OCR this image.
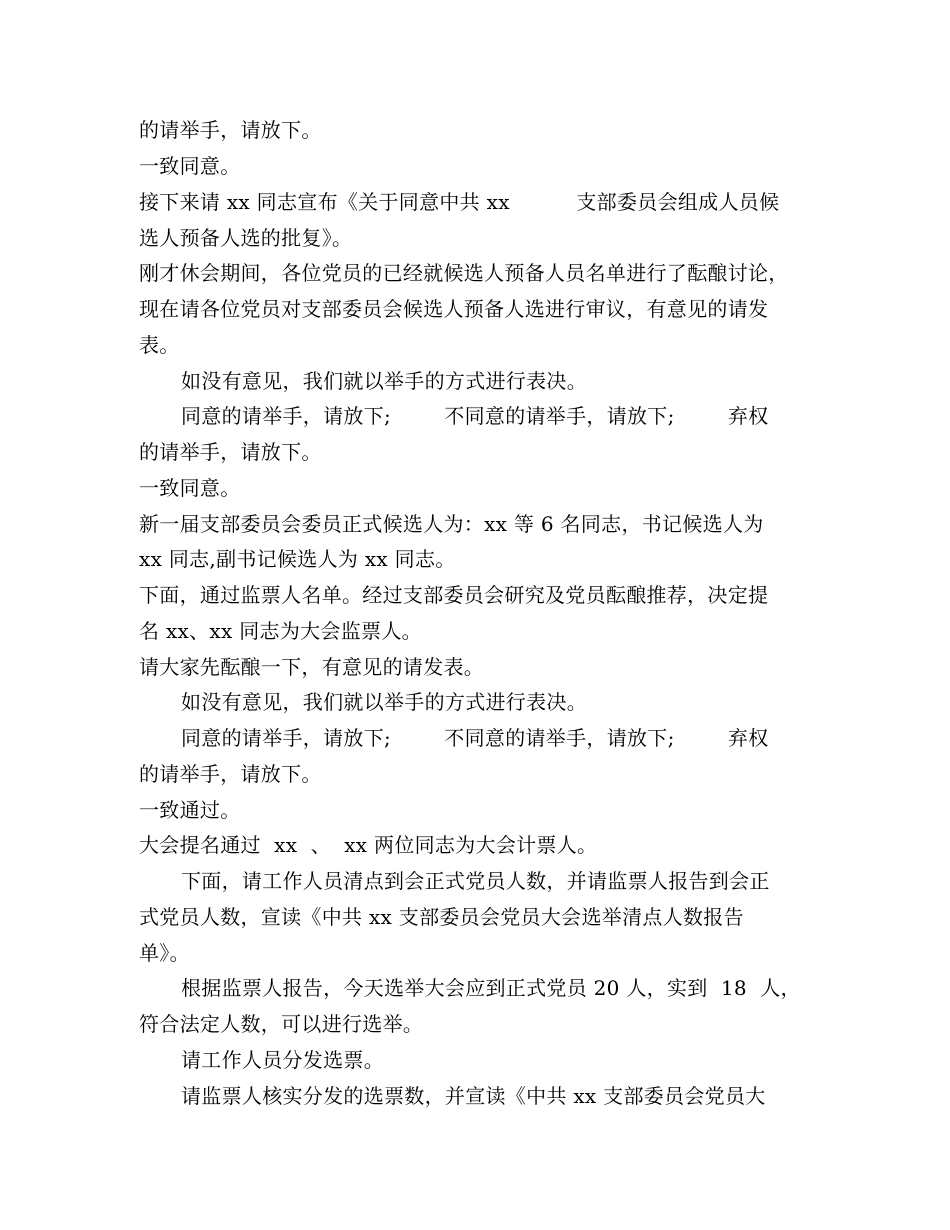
的请举手，请放下。
一致同意。
接下来请 xx 同志宣布《关于同意中共 xx          支部委员会组成人员候
选人预备人选的批复》。
刚才休会期间，各位党员的已经就候选人预备人员名单进行了酝酿讨论，
现在请各位党员对支部委员会候选人预备人选进行审议，有意见的请发
表。
如没有意见，我们就以举手的方式进行表决。
同意的请举手，请放下;        不同意的请举手，请放下;        弃权
的请举手，请放下。
一致同意。
新一届支部委员会委员正式候选人为：xx 等 6 名同志，书记候选人为
xx 同志,副书记候选人为 xx 同志。
下面，通过监票人名单。经过支部委员会研究及党员酝酿推荐，决定提
名 xx、xx 同志为大会监票人。
请大家先酝酿一下，有意见的请发表。
如没有意见，我们就以举手的方式进行表决。
同意的请举手，请放下;        不同意的请举手，请放下;        弃权
的请举手，请放下。
一致通过。
大会提名通过  xx  、  xx 两位同志为大会计票人。
下面，请工作人员清点到会正式党员人数，并请监票人报告到会正
式党员人数，宣读《中共 xx 支部委员会党员大会选举清点人数报告
单》。
根据监票人报告，今天选举大会应到正式党员 20 人，实到  18  人，
符合法定人数，可以进行选举。
请工作人员分发选票。
请监票人核实分发的选票数，并宣读《中共 xx 支部委员会党员大
